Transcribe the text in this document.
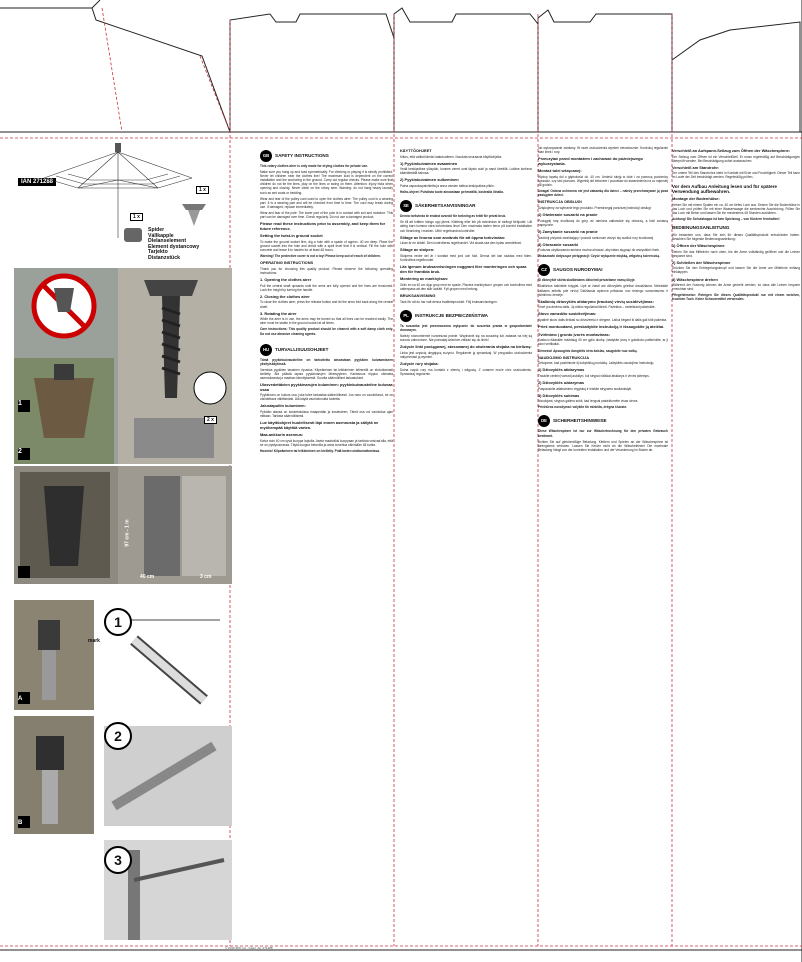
IAN 271288
1 x
1 x
Spider
Vállkapple
Dlelanselement
Element dystancowy
Tarjekto
Distanzstück
1
2
2 x
97 cm - 1 m
40 cm	3 cm
1
mark
A
2
B
3
© 2016 ZPK Co. / Ident.-Nr. 271288
GB SAFETY INSTRUCTIONS

This rotary clothes airer is only made for drying clothes for private use.

Make sure you hang up and load symmetrically. For climbing or playing it is strictly prohibited. Never let children near the clothes line! The maximum load is dependent on the correct installation and the anchoring in the ground. Carry out regular checks. Please make sure that children do not tie the lines, play on the lines or swing on them. Attention: Injury risks when opening and closing. Never climb on the rotary airer. Warning: do not hang heavy laundry such as wet coats or bedding.

Wear and tear of the pulley cord used to open the clothes airer: The pulley cord is a wearing part. It is a wearing part and will be checked from time to time. The cord may break during use. If damaged, replace immediately.

Wear and tear of the pole: The lower part of the pole is in contact with soil and moisture. This part can be damaged over time. Check regularly. Do not use a damaged product.

Please read these instructions prior to assembly, and keep them for future reference.

Setting the twist-in ground socket

To make the ground socket firm, dig a hole with a spade of approx. 40 cm deep. Place the ground socket into the hole and check with a spirit level that it is vertical. Fill the hole with concrete and leave it to harden for at least 48 hours.

Warning! The protective cover is not a toy! Please keep out of reach of children.

OPERATING INSTRUCTIONS

Thank you for choosing this quality product. Please observe the following operating instructions:

1. Opening the clothes airer

Pull the central shaft upwards until the arms are fully opened and the lines are tensioned. Lock the height by turning the handle.

2. Closing the clothes airer

To close the clothes airer, press the release button and let the arms fold back along the central shaft.

3. Rotating the airer

While the airer is in use, the arms may be turned so that all lines can be reached easily. The airer must be stable in the ground socket at all times.

Care instructions: This quality product should be cleaned with a soft damp cloth only. Do not use abrasive cleaning agents.

HU TURVALLISUUSOHJEET

Tämä pyykinkuivausteline on tarkoitettu ainoastaan pyykkien kuivaamiseen yksityiskäytössä.

Varmista pyykkien tasainen ripustus. Kiipeäminen tai leikkiminen telineellä on ehdottomasti kielletty. Älä päästä lapsia pyykkinarujen läheisyyteen. Kantavuus riippuu oikeasta asennuksesta ja maahan kiinnityksestä. Suorita säännölliset tarkastukset.

Ulosvedettävien pyykkinarujen kuluminen: pyykinkuivausteline kuluvaa osaa

Pyykkinaru on kuluva osa, joka tulee tarkastaa säännöllisesti. Jos naru on vaurioitunut, se on vaihdettava välittömästi. Älä käytä vaurioitunutta tuotetta.

Jalustapultin kuluminen:

Pylvään alaosa on kosketuksissa maaperään ja kosteuteen. Tämä osa voi vaurioitua ajan mittaan. Tarkista säännöllisesti.

Lue käyttöohjeet huolellisesti läpi ennen asennusta ja säilytä ne myöhempää käyttöä varten.

Maa-ankkurin asennus:

Kaiva noin 40 cm syvä kuoppa lapiolla. Aseta maaholkki kuoppaan ja tarkista vesivaa'alla, että se on pystysuorassa. Täytä kuoppa betonilla ja anna kovettua vähintään 48 tuntia.

Huomio! Kiipeäminen tai leikkiminen on kielletty. Pidä lasten ulottumattomissa.

KÄYTTÖOHJEET

Kiitos, että valitsit tämän laatutuotteen. Noudata seuraavia käyttöohjeita:

1) Pyykinkuivaimen avaaminen

Vedä keskiputkea ylöspäin, kunnes varret ovat täysin auki ja narut kireällä. Lukitse korkeus kääntämällä kahvaa.

2) Pyykinkuivaimen sulkeminen

Paina vapautuspainiketta ja anna varsien taittua keskiputkea pitkin.

Hoito-ohjeet: Puhdista tuote ainoastaan pehmeällä, kostealla liinalla.

SE SÄKERHETSANVISNINGAR

Denna torkvinda är endast avsedd för torkning av tvätt för privat bruk.

Se till att tvätten hängs upp jämnt. Klättring eller lek på torkvindan är strängt förbjudet. Låt aldrig barn komma nära torkvindans linor! Den maximala lasten beror på korrekt installation och förankring i marken. Utför regelbundna kontroller.

Slitage av linorna som används för att öppna torkvindan:

Linan är en slitdel. Den kontrolleras regelbundet. Vid skada ska den bytas omedelbart.

Slitage av stolpen:

Stolpens nedre del är i kontakt med jord och fukt. Denna del kan skadas med tiden. Kontrollera regelbundet.

Läs igenom bruksanvisningen noggrant före monteringen och spara den för framtida bruk.

Montering av markhylsan:

Gräv en ca 40 cm djup grop med en spade. Placera markhylsan i gropen och kontrollera med vattenpass att den står lodrätt. Fyll gropen med betong.

BRUKSANVISNING

Tack för att du har valt denna kvalitetsprodukt. Följ bruksanvisningen.

PL INSTRUKCJE BEZPIECZEŃSTWA

Ta suszarka jest przeznaczona wyłącznie do suszenia prania w gospodarstwie domowym.

Należy równomiernie rozwieszać pranie. Wspinanie się na suszarkę lub zabawa na niej są surowo zabronione. Nie pozwalaj dzieciom zbliżać się do linek!

Zużycie linki pociągowej, stosowanej do otwierania stojaka na bieliznę:

Linka jest częścią ulegającą zużyciu. Regularnie ją sprawdzaj. W przypadku uszkodzenia natychmiast ją wymień.

Zużycie rury stojaka:

Dolna część rury ma kontakt z ziemią i wilgocią. Z czasem może ulec uszkodzeniu. Sprawdzaj regularnie.

lub wykonywanie zamiany. W razie uszkodzenia wymień niezwłocznie. Kontroluj regularnie stan linek i rury.

Przeczytać przed montażem i zachować do późniejszego wykorzystania.

Montaż tulei wkręcanej:

Wykop łopatą dół o głębokości ok. 40 cm. Umieść tuleję w dole i za pomocą poziomicy sprawdź, czy stoi pionowo. Wypełnij dół betonem i pozostaw do stwardnienia na co najmniej 48 godzin.

Uwaga! Osłona ochronna nie jest zabawką dla dzieci – należy przechowywać ją poza zasięgiem dzieci.

INSTRUKCJA OBSŁUGI

Dziękujemy za wybranie tego produktu. Przestrzegaj poniższej instrukcji obsługi:

1) Otwieranie suszarki na pranie

Pociągnij rurę środkową do góry, aż ramiona całkowicie się otworzą, a linki zostaną naprężone.

2) Zamykanie suszarki na pranie

Naciśnij przycisk zwalniający i pozwól ramionom złożyć się wzdłuż rury środkowej.

3) Obracanie suszarki

Podczas użytkowania ramiona można obracać, aby łatwo sięgnąć do wszystkich linek.

Wskazówki dotyczące pielęgnacji: Czyść wyłącznie miękką, wilgotną ściereczką.

CZ SAUGOS NURODYMAI

Ši džiovyklė skirta skalbiniams džiovinti privačiame namų ūkyje.

Skalbinius kabinkite tolygiai. Lipti ar žaisti ant džiovyklės griežtai draudžiama. Neleiskite vaikams artintis prie virvių! Didžiausia apkrova priklauso nuo teisingo sumontavimo ir įtvirtinimo žemėje.

Skalbinių džiovyklės atidarymo (traukos) virvių susidėvėjimas:

Virvė yra dėvima dalis. Ją reikia reguliariai tikrinti. Pažeidus – nedelsiant pakeiskite.

Stovo vamzdžio susidėvėjimas:

Apatinė stovo dalis liečiasi su dirvožemiu ir drėgme. Laikui bėgant ši dalis gali būti pažeista.

Prieš montuodami, perskaitykite instrukciją ir išsaugokite ją ateičiai.

Tvirtinimo į grunto įvorės montavimas:

Kastuvu iškaskite maždaug 40 cm gylio duobę. Įstatykite įvorę ir gulsčiuku patikrinkite, ar ji stovi vertikaliai.

Dėmesio! Apsauginis dangtelis nėra žaislas, saugokite nuo vaikų.

NAUDOJIMO INSTRUKCIJA

Dėkojame, kad pasirinkote šį kokybišką produktą. Laikykitės naudojimo instrukcijų:

1) Džiovyklės atidarymas

Traukite centrinį vamzdį aukštyn, kol strypai visiškai atsidarys ir virvės įsitemps.

2) Džiovyklės uždarymas

Paspauskite atlaisvinimo mygtuką ir leiskite strypams susilankstyti.

3) Džiovyklės sukimas

Naudojant, strypus galima sukti, kad lengvai pasiektumėte visas virves.

Priežiūros nurodymai: valykite tik minkšta, drėgna šluoste.

DE SICHERHEITSHINWEISE

Diese Wäschespinne ist nur zur Wäschetrocknung für den privaten Gebrauch bestimmt.

Achten Sie auf gleichmäßige Beladung. Klettern und Spielen an der Wäschespinne ist strengstens verboten. Lassen Sie Kinder nicht an die Wäscheleinen! Die maximale Belastung hängt von der korrekten Installation und der Verankerung im Boden ab.

Verschleiß an Aufspann-Seilzug zum Öffnen der Wäschespinne:

Der Seilzug zum Öffnen ist ein Verschleißteil. Er muss regelmäßig auf Beschädigungen überprüft werden. Bei Beschädigung sofort austauschen.

Verschleiß am Standrohr:

Der untere Teil des Standrohrs steht in Kontakt mit Erde und Feuchtigkeit. Dieser Teil kann im Laufe der Zeit beschädigt werden. Regelmäßig prüfen.

Vor dem Aufbau Anleitung lesen und für spätere Verwendung aufbewahren.

Montage der Bodenhülse:

Heben Sie mit einem Spaten ein ca. 40 cm tiefes Loch aus. Setzen Sie die Bodenhülse in das Loch und prüfen Sie mit einer Wasserwaage die senkrechte Ausrichtung. Füllen Sie das Loch mit Beton und lassen Sie ihn mindestens 48 Stunden aushärten.

Achtung! Die Schutzkappe ist kein Spielzeug – von Kindern fernhalten!

BEDIENUNGSANLEITUNG

Wir bedanken uns, dass Sie sich für dieses Qualitätsprodukt entschieden haben. Beachten Sie folgende Bedienungsanleitung:

1) Öffnen der Wäschespinne

Ziehen Sie das Mittelrohr nach oben, bis die Arme vollständig geöffnet und die Leinen gespannt sind.

2) Schließen der Wäschespinne

Drücken Sie den Entriegelungsknopf und lassen Sie die Arme am Mittelrohr entlang einklappen.

3) Wäschespinne drehen

Während der Nutzung können die Arme gedreht werden, so dass alle Leinen bequem erreichbar sind.

Pflegehinweise: Reinigen Sie dieses Qualitätsprodukt nur mit einem weichen, feuchten Tuch. Keine Scheuermittel verwenden.
